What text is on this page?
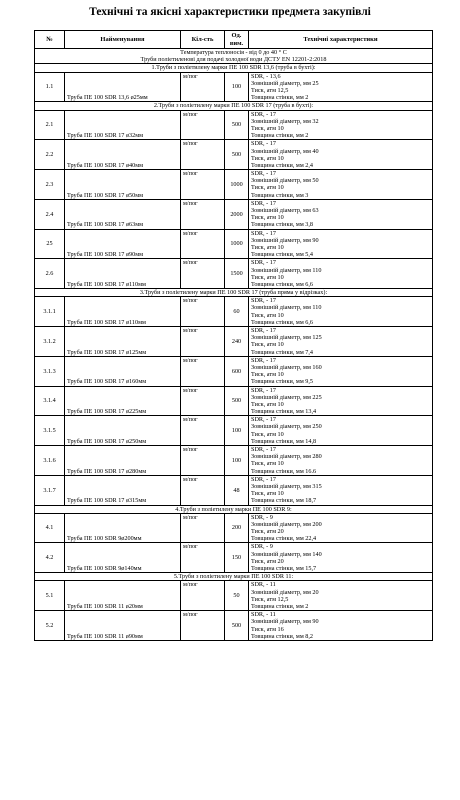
Технічні та якісні характеристики предмета закупівлі
№	Найменування	Кіл-сть	Од. вим.	Технічні характеристики

Температура теплоносія - від 0 до 40 ° С
Труби поліетиленові для подачі холодної води ДСТУ EN 12201-2:2018				

1.Труби з поліетилену марки ПЕ 100 SDR 13,6 (труба в бухті):				
1.1	Труба ПЕ 100 SDR 13,6 ø25мм	м/пог	100	SDR, - 13,6
Зовнішній діаметр, мм 25
Тиск, атм 12,5
Товщина стінки, мм 2

2.Труби з поліетилену марки ПЕ 100 SDR 17 (труба в бухті):				
2.1	Труба ПЕ 100 SDR 17 ø32мм	м/пог	500	SDR, - 17
Зовнішній діаметр, мм 32
Тиск, атм 10
Товщина стінки, мм 2

2.2	Труба ПЕ 100 SDR 17 ø40мм	м/пог	500	SDR, - 17
Зовнішній діаметр, мм 40
Тиск, атм 10
Товщина стінки, мм 2,4

2.3	Труба ПЕ 100 SDR 17 ø50мм	м/пог	1000	SDR, - 17
Зовнішній діаметр, мм 50
Тиск, атм 10
Товщина стінки, мм 3

2.4	Труба ПЕ 100 SDR 17 ø63мм	м/пог	2000	SDR, - 17
Зовнішній діаметр, мм 63
Тиск, атм 10
Товщина стінки, мм 3,8

25	Труба ПЕ 100 SDR 17 ø90мм	м/пог	1000	SDR, - 17
Зовнішній діаметр, мм 90
Тиск, атм 10
Товщина стінки, мм 5,4

2.6	Труба ПЕ 100 SDR 17 ø110мм	м/пог	1500	SDR, - 17
Зовнішній діаметр, мм 110
Тиск, атм 10
Товщина стінки, мм 6,6

3.Труби з поліетилену марки ПЕ 100 SDR 17 (труба пряма у відрізках):				
3.1.1	Труба ПЕ 100 SDR 17 ø110мм	м/пог	60	SDR, - 17
Зовнішній діаметр, мм 110
Тиск, атм 10
Товщина стінки, мм 6,6

3.1.2	Труба ПЕ 100 SDR 17 ø125мм	м/пог	240	SDR, - 17
Зовнішній діаметр, мм 125
Тиск, атм 10
Товщина стінки, мм 7,4

3.1.3	Труба ПЕ 100 SDR 17 ø160мм	м/пог	600	SDR, - 17
Зовнішній діаметр, мм 160
Тиск, атм 10
Товщина стінки, мм 9,5

3.1.4	Труба ПЕ 100 SDR 17 ø225мм	м/пог	500	SDR, - 17
Зовнішній діаметр, мм 225
Тиск, атм 10
Товщина стінки, мм 13,4

3.1.5	Труба ПЕ 100 SDR 17 ø250мм	м/пог	100	SDR, - 17
Зовнішній діаметр, мм 250
Тиск, атм 10
Товщина стінки, мм 14,8

3.1.6	Труба ПЕ 100 SDR 17 ø280мм	м/пог	100	SDR, - 17
Зовнішній діаметр, мм 280
Тиск, атм 10
Товщина стінки, мм 16.6

3.1.7	Труба ПЕ 100 SDR 17 ø315мм	м/пог	48	SDR, - 17
Зовнішній діаметр, мм 315
Тиск, атм 10
Товщина стінки, мм 18,7

4.Труби з поліетилену марки ПЕ 100 SDR 9:				
4.1	Труба ПЕ 100 SDR 9ø200мм	м/пог	200	SDR, - 9
Зовнішній діаметр, мм 200
Тиск, атм 20
Товщина стінки, мм 22,4

4.2	Труба ПЕ 100 SDR 9ø140мм	м/пог	150	SDR, - 9
Зовнішній діаметр, мм 140
Тиск, атм 20
Товщина стінки, мм 15,7

5.Труби з поліетилену марки ПЕ 100 SDR 11:				
5.1	Труба ПЕ 100 SDR 11 ø20мм	м/пог	50	SDR, - 11
Зовнішній діаметр, мм 20
Тиск, атм 12,5
Товщина стінки, мм 2

5.2	Труба ПЕ 100 SDR 11 ø90мм	м/пог	500	SDR, - 11
Зовнішній діаметр, мм 90
Тиск, атм 16
Товщина стінки, мм 8,2
